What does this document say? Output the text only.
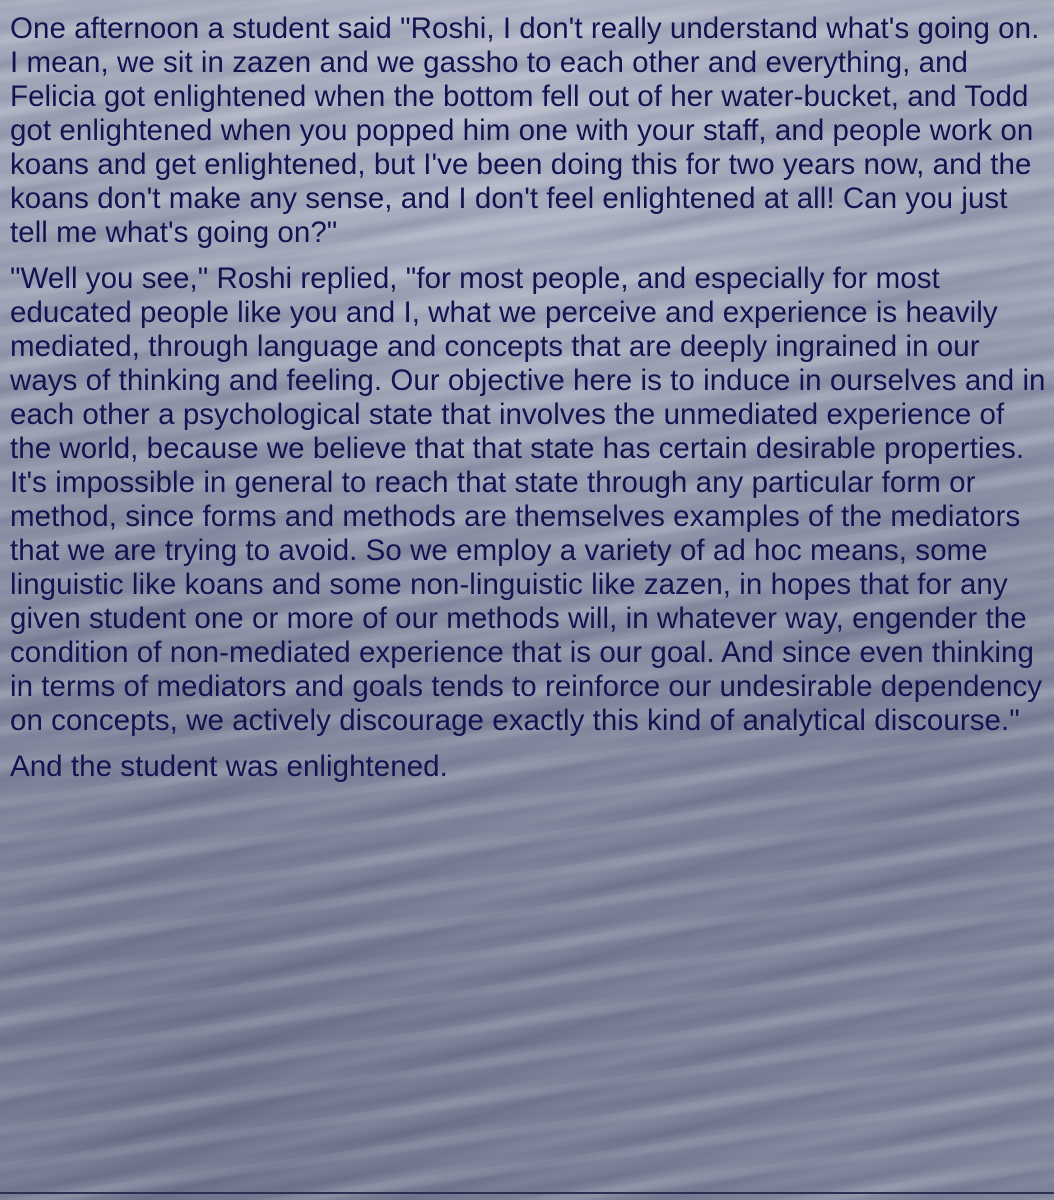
One afternoon a student said "Roshi, I don't really understand what's going on. I mean, we sit in zazen and we gassho to each other and everything, and Felicia got enlightened when the bottom fell out of her water-bucket, and Todd got enlightened when you popped him one with your staff, and people work on koans and get enlightened, but I've been doing this for two years now, and the koans don't make any sense, and I don't feel enlightened at all! Can you just tell me what's going on?"

"Well you see," Roshi replied, "for most people, and especially for most educated people like you and I, what we perceive and experience is heavily mediated, through language and concepts that are deeply ingrained in our ways of thinking and feeling. Our objective here is to induce in ourselves and in each other a psychological state that involves the unmediated experience of the world, because we believe that that state has certain desirable properties. It's impossible in general to reach that state through any particular form or method, since forms and methods are themselves examples of the mediators that we are trying to avoid. So we employ a variety of ad hoc means, some linguistic like koans and some non-linguistic like zazen, in hopes that for any given student one or more of our methods will, in whatever way, engender the condition of non-mediated experience that is our goal. And since even thinking in terms of mediators and goals tends to reinforce our undesirable dependency on concepts, we actively discourage exactly this kind of analytical discourse."

And the student was enlightened.
